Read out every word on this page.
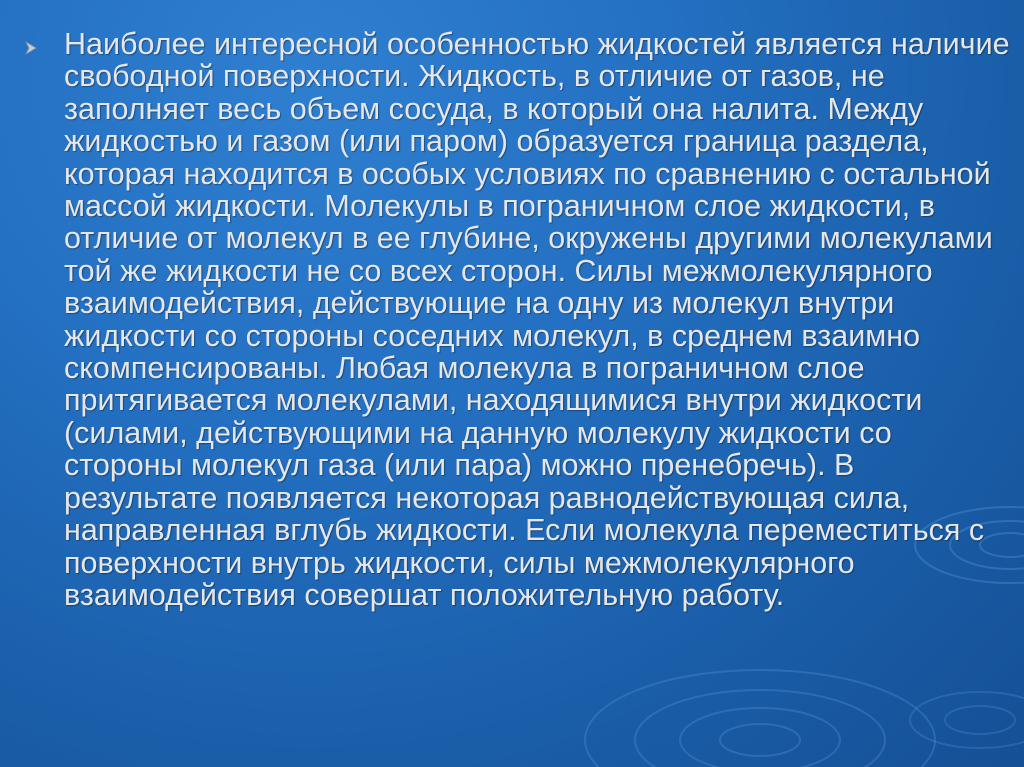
Наиболее интересной особенностью жидкостей является наличие свободной поверхности. Жидкость, в отличие от газов, не заполняет весь объем сосуда, в который она налита. Между жидкостью и газом (или паром) образуется граница раздела, которая находится в особых условиях по сравнению с остальной массой жидкости. Молекулы в пограничном слое жидкости, в отличие от молекул в ее глубине, окружены другими молекулами той же жидкости не со всех сторон. Силы межмолекулярного взаимодействия, действующие на одну из молекул внутри жидкости со стороны соседних молекул, в среднем взаимно скомпенсированы. Любая молекула в пограничном слое притягивается молекулами, находящимися внутри жидкости (силами, действующими на данную молекулу жидкости со стороны молекул газа (или пара) можно пренебречь). В результате появляется некоторая равнодействующая сила, направленная вглубь жидкости. Если молекула переместиться с поверхности внутрь жидкости, силы межмолекулярного взаимодействия совершат положительную работу.
